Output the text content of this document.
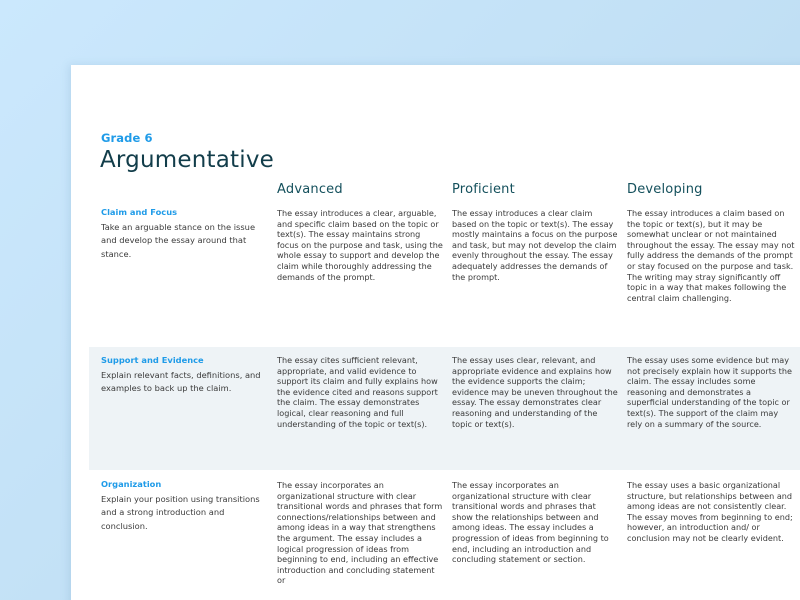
Grade 6
Argumentative
Advanced	Proficient	Developing
Claim and Focus
Take an arguable stance on the issue and develop the essay around that stance.
The essay introduces a clear, arguable, and specific claim based on the topic or text(s). The essay maintains strong focus on the purpose and task, using the whole essay to support and develop the claim while thoroughly addressing the demands of the prompt.
The essay introduces a clear claim based on the topic or text(s). The essay mostly maintains a focus on the purpose and task, but may not develop the claim evenly throughout the essay. The essay adequately addresses the demands of the prompt.
The essay introduces a claim based on the topic or text(s), but it may be somewhat unclear or not maintained throughout the essay. The essay may not fully address the demands of the prompt or stay focused on the purpose and task. The writing may stray significantly off topic in a way that makes following the central claim challenging.
Support and Evidence
Explain relevant facts, definitions, and examples to back up the claim.
The essay cites sufficient relevant, appropriate, and valid evidence to support its claim and fully explains how the evidence cited and reasons support the claim. The essay demonstrates logical, clear reasoning and full understanding of the topic or text(s).
The essay uses clear, relevant, and appropriate evidence and explains how the evidence supports the claim; evidence may be uneven throughout the essay. The essay demonstrates clear reasoning and understanding of the topic or text(s).
The essay uses some evidence but may not precisely explain how it supports the claim. The essay includes some reasoning and demonstrates a superficial understanding of the topic or text(s). The support of the claim may rely on a summary of the source.
Organization
Explain your position using transitions and a strong introduction and conclusion.
The essay incorporates an organizational structure with clear transitional words and phrases that form connections/relationships between and among ideas in a way that strengthens the argument. The essay includes a logical progression of ideas from beginning to end, including an effective introduction and concluding statement or
The essay incorporates an organizational structure with clear transitional words and phrases that show the relationships between and among ideas. The essay includes a progression of ideas from beginning to end, including an introduction and concluding statement or section.
The essay uses a basic organizational structure, but relationships between and among ideas are not consistently clear. The essay moves from beginning to end; however, an introduction and/ or conclusion may not be clearly evident.
